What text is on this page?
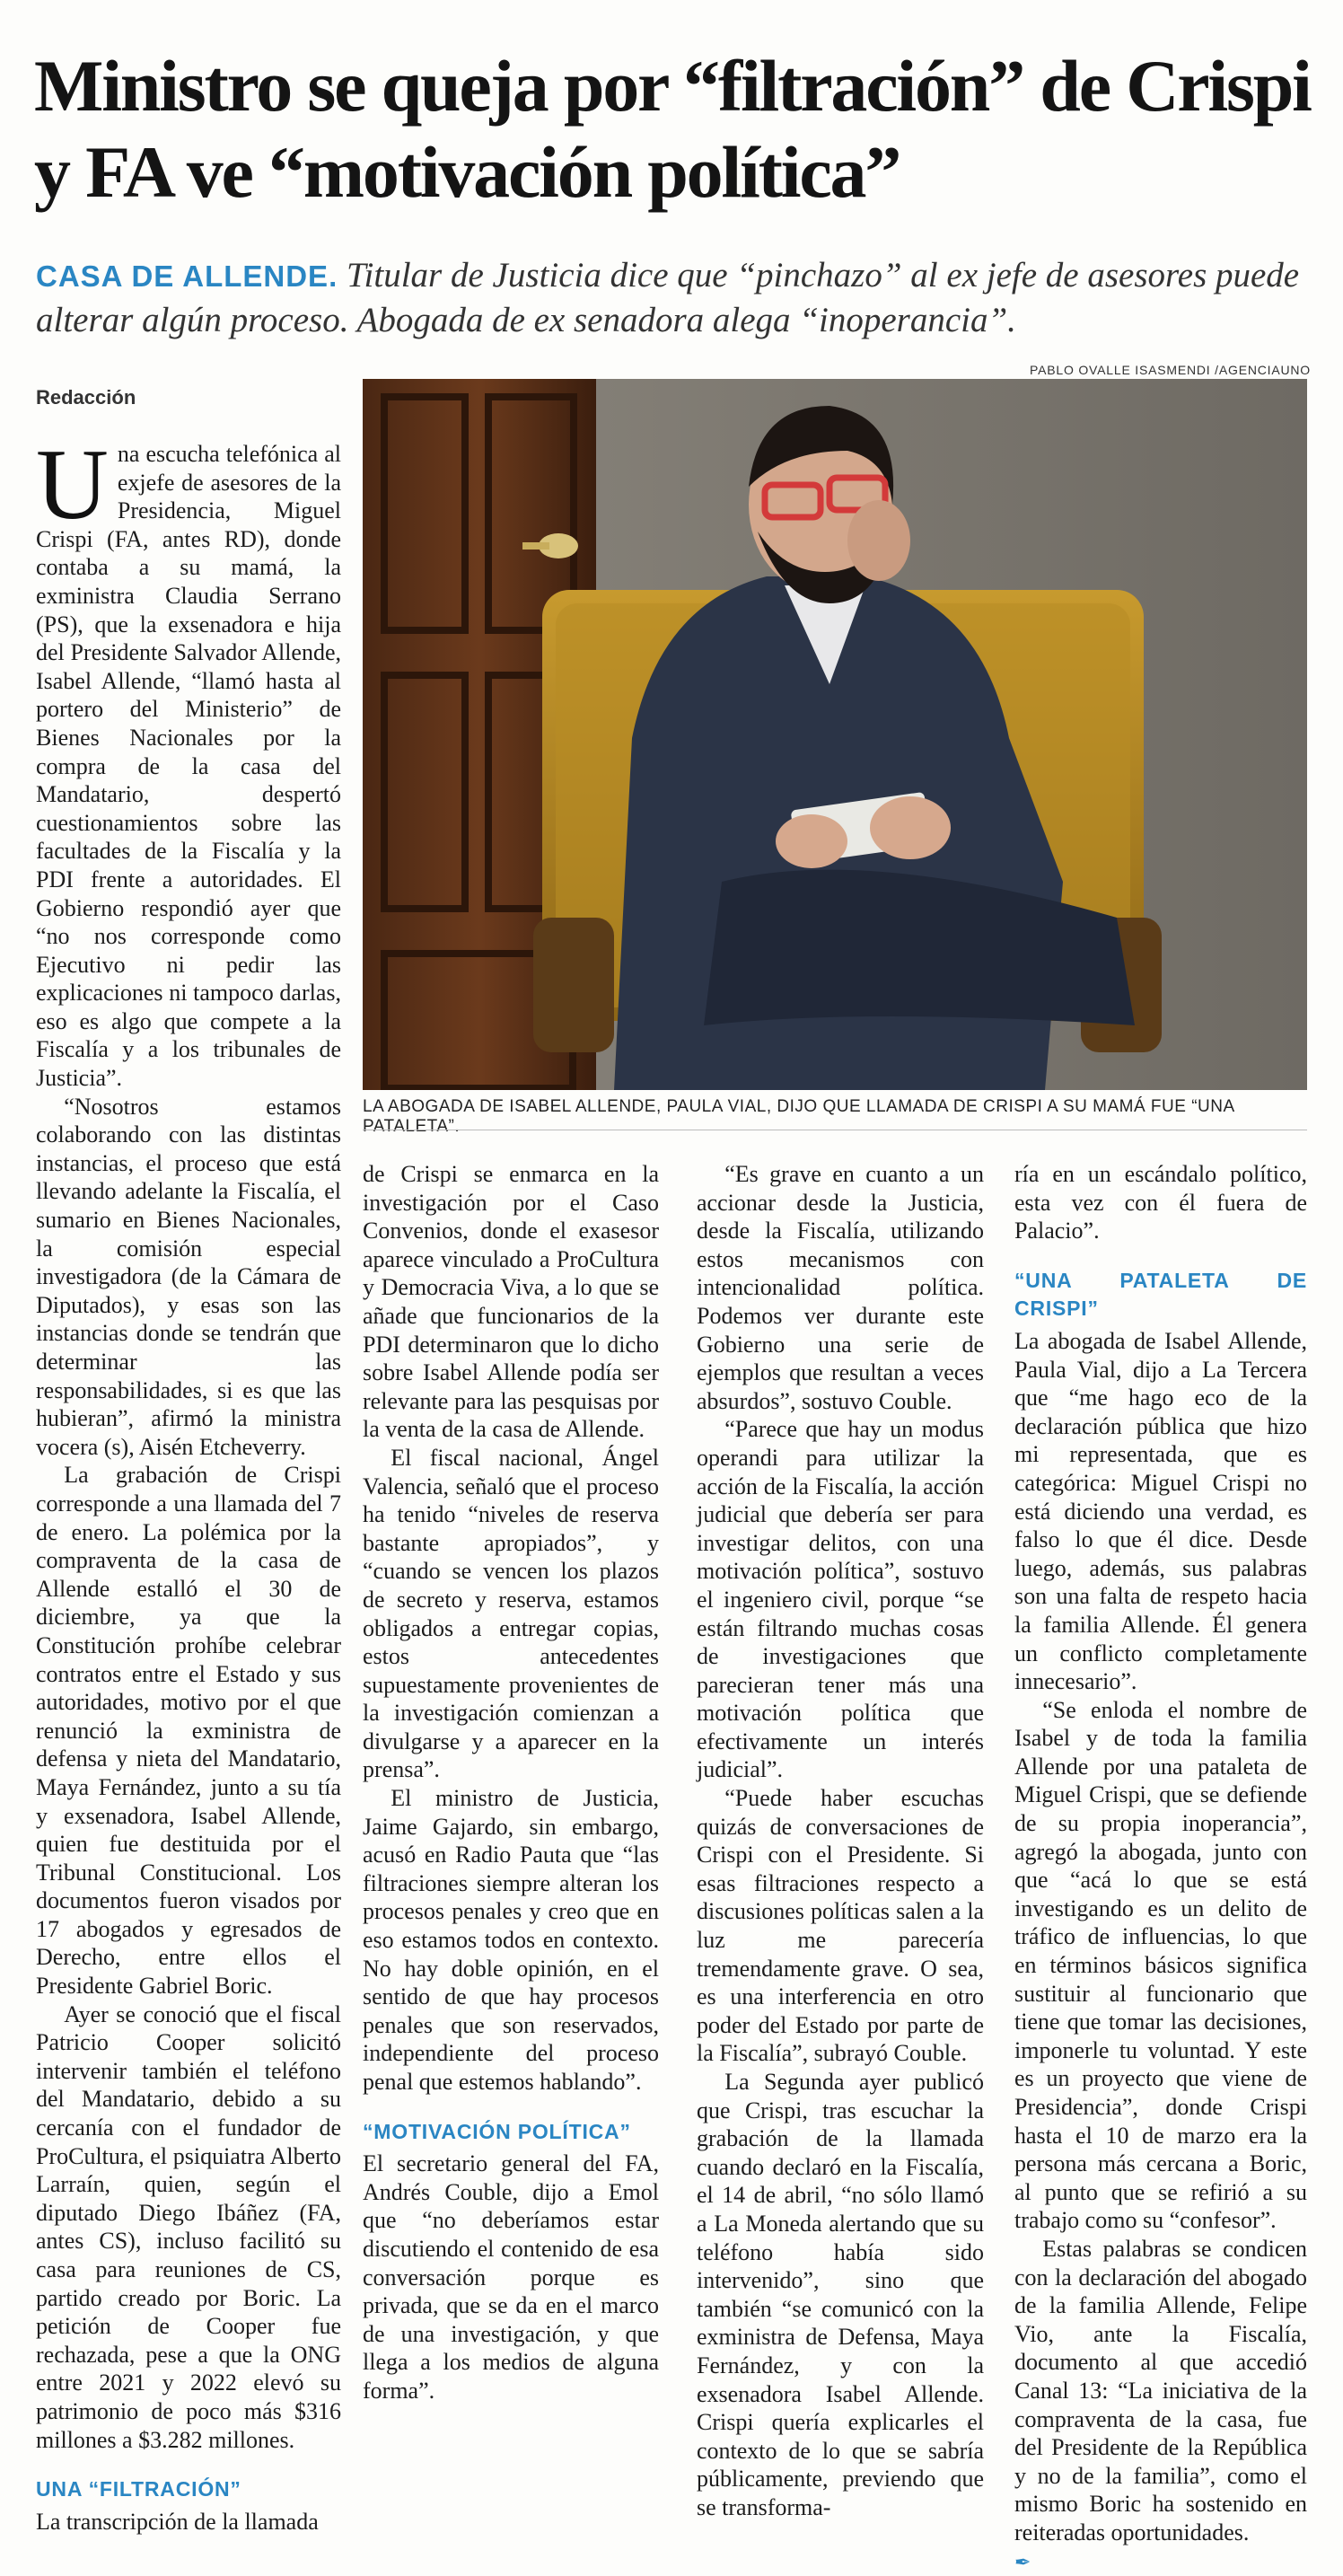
Ministro se queja por “filtración” de Crispi y FA ve “motivación política”
CASA DE ALLENDE. Titular de Justicia dice que “pinchazo” al ex jefe de asesores puede alterar algún proceso. Abogada de ex senadora alega “inoperancia”.
PABLO OVALLE ISASMENDI /AGENCIAUNO
Redacción
LA ABOGADA DE ISABEL ALLENDE, PAULA VIAL, DIJO QUE LLAMADA DE CRISPI A SU MAMÁ FUE “UNA PATALETA”.
U na escucha telefónica al exjefe de asesores de la Presidencia, Miguel Crispi (FA, antes RD), donde contaba a su mamá, la exministra Claudia Serrano (PS), que la exsenadora e hija del Presidente Salvador Allende, Isabel Allende, “llamó hasta al portero del Ministerio” de Bienes Nacionales por la compra de la casa del Mandatario, despertó cuestionamientos sobre las facultades de la Fiscalía y la PDI frente a autoridades. El Gobierno respondió ayer que “no nos corresponde como Ejecutivo ni pedir las explicaciones ni tampoco darlas, eso es algo que compete a la Fiscalía y a los tribunales de Justicia”.

“Nosotros estamos colaborando con las distintas instancias, el proceso que está llevando adelante la Fiscalía, el sumario en Bienes Nacionales, la comisión especial investigadora (de la Cámara de Diputados), y esas son las instancias donde se tendrán que determinar las responsabilidades, si es que las hubieran”, afirmó la ministra vocera (s), Aisén Etcheverry.

La grabación de Crispi corresponde a una llamada del 7 de enero. La polémica por la compraventa de la casa de Allende estalló el 30 de diciembre, ya que la Constitución prohíbe celebrar contratos entre el Estado y sus autoridades, motivo por el que renunció la exministra de defensa y nieta del Mandatario, Maya Fernández, junto a su tía y exsenadora, Isabel Allende, quien fue destituida por el Tribunal Constitucional. Los documentos fueron visados por 17 abogados y egresados de Derecho, entre ellos el Presidente Gabriel Boric.

Ayer se conoció que el fiscal Patricio Cooper solicitó intervenir también el teléfono del Mandatario, debido a su cercanía con el fundador de ProCultura, el psiquiatra Alberto Larraín, quien, según el diputado Diego Ibáñez (FA, antes CS), incluso facilitó su casa para reuniones de CS, partido creado por Boric. La petición de Cooper fue rechazada, pese a que la ONG entre 2021 y 2022 elevó su patrimonio de poco más $316 millones a $3.282 millones.

UNA “FILTRACIÓN”

La transcripción de la llamada

de Crispi se enmarca en la investigación por el Caso Convenios, donde el exasesor aparece vinculado a ProCultura y Democracia Viva, a lo que se añade que funcionarios de la PDI determinaron que lo dicho sobre Isabel Allende podía ser relevante para las pesquisas por la venta de la casa de Allende.

El fiscal nacional, Ángel Valencia, señaló que el proceso ha tenido “niveles de reserva bastante apropiados”, y “cuando se vencen los plazos de secreto y reserva, estamos obligados a entregar copias, estos antecedentes supuestamente provenientes de la investigación comienzan a divulgarse y a aparecer en la prensa”.

El ministro de Justicia, Jaime Gajardo, sin embargo, acusó en Radio Pauta que “las filtraciones siempre alteran los procesos penales y creo que en eso estamos todos en contexto. No hay doble opinión, en el sentido de que hay procesos penales que son reservados, independiente del proceso penal que estemos hablando”.

“MOTIVACIÓN POLÍTICA”

El secretario general del FA, Andrés Couble, dijo a Emol que “no deberíamos estar discutiendo el contenido de esa conversación porque es privada, que se da en el marco de una investigación, y que llega a los medios de alguna forma”.

“Es grave en cuanto a un accionar desde la Justicia, desde la Fiscalía, utilizando estos mecanismos con intencionalidad política. Podemos ver durante este Gobierno una serie de ejemplos que resultan a veces absurdos”, sostuvo Couble.

“Parece que hay un modus operandi para utilizar la acción de la Fiscalía, la acción judicial que debería ser para investigar delitos, con una motivación política”, sostuvo el ingeniero civil, porque “se están filtrando muchas cosas de investigaciones que parecieran tener más una motivación política que efectivamente un interés judicial”.

“Puede haber escuchas quizás de conversaciones de Crispi con el Presidente. Si esas filtraciones respecto a discusiones políticas salen a la luz me parecería tremendamente grave. O sea, es una interferencia en otro poder del Estado por parte de la Fiscalía”, subrayó Couble.

La Segunda ayer publicó que Crispi, tras escuchar la grabación de la llamada cuando declaró en la Fiscalía, el 14 de abril, “no sólo llamó a La Moneda alertando que su teléfono había sido intervenido”, sino que también “se comunicó con la exministra de Defensa, Maya Fernández, y con la exsenadora Isabel Allende. Crispi quería explicarles el contexto de lo que se sabría públicamente, previendo que se transforma-

ría en un escándalo político, esta vez con él fuera de Palacio”.

“UNA PATALETA DE CRISPI”

La abogada de Isabel Allende, Paula Vial, dijo a La Tercera que “me hago eco de la declaración pública que hizo mi representada, que es categórica: Miguel Crispi no está diciendo una verdad, es falso lo que él dice. Desde luego, además, sus palabras son una falta de respeto hacia la familia Allende. Él genera un conflicto completamente innecesario”.

“Se enloda el nombre de Isabel y de toda la familia Allende por una pataleta de Miguel Crispi, que se defiende de su propia inoperancia”, agregó la abogada, junto con que “acá lo que se está investigando es un delito de tráfico de influencias, lo que en términos básicos significa sustituir al funcionario que tiene que tomar las decisiones, imponerle tu voluntad. Y este es un proyecto que viene de Presidencia”, donde Crispi hasta el 10 de marzo era la persona más cercana a Boric, al punto que se refirió a su trabajo como su “confesor”.

Estas palabras se condicen con la declaración del abogado de la familia Allende, Felipe Vio, ante la Fiscalía, documento al que accedió Canal 13: “La iniciativa de la compraventa de la casa, fue del Presidente de la República y no de la familia”, como el mismo Boric ha sostenido en reiteradas oportunidades.

✒
